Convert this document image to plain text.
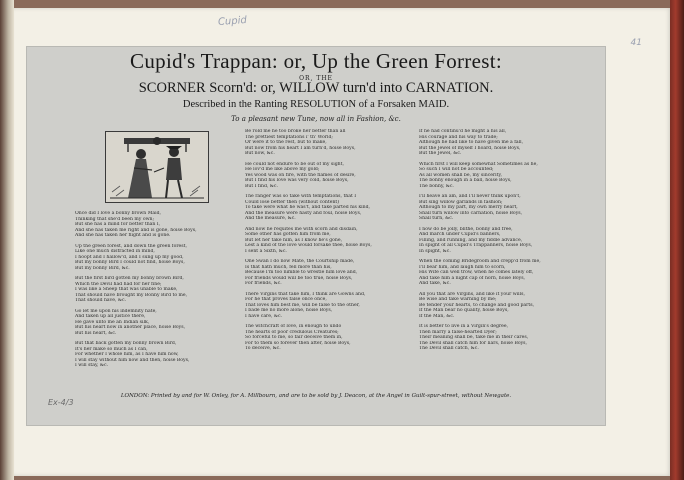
Cupid
41
Cupid's Trappan: or, Up the Green Forrest:
OR, THE
SCORNER Scorn'd: or, WILLOW turn'd into CARNATION.
Described in the Ranting RESOLUTION of a Forsaken MAID.
To a pleasant new Tune, now all in Fashion, &c.
Once did I love a bonny brown Maid,
Thinking that she'd been my own;
But she has a mind for better than I,
And she has taken me right and is gone, hoise Boys,
And she has taken her flight and is gone.
Up the green forest, and down the green forest,
Like one much distracted in mind,
I hoopt and I hallow'd, and I sung up my good,
But my bonny Bird I could not find, hoise Boys,
But my bonny Bird, &c.
But the first bird gotten my bonny brown Bird,
Which the Devil had had for her fine;
I was like a Sheep that was unable to make,
That should have brought my Bonny Bird to me,
That should have, &c.
Go let me upon his indemnity hate,
And taken up all justice there,
He gave unto me an Indian silk,
But his heart now in another place, hoise Boys,
But his heart, &c.
But that back gotten my bonny brown Bird,
It's her make so much as I can,
For whether I whole him, as I have him now,
I will stay without him now and then, hoise Boys,
I will stay, &c.
Be rold me he too broke her better than all
The prettiest temptations i' th' World;
Or were it to the rest, but to make,
But now from his heart I am turn'd, hoise Boys,
But now, &c.
He could not endure to be out of my sight,
He lov'd me like above my gold;
Yes wood was on fire, with the flames of desire,
But I find his love was very cold, hoise Boys,
But I find, &c.
The ranger was so take with temptations, that I
Could lose better then (without content)
To take were what he was't, and take parted his kind,
And the measure were hasty and foul, hoise Boys,
And the measure, &c.
And now he requites me with scorn and disdain,
Some other has gotten him from me,
But let her take him, as I know he's gone,
Lest a kind of the love would forsake thee, hoise Boys,
I sent a Sixth, &c.
One Swan I do now Mate, the Courtship made,
Is that hath much, fell more than his,
Because I'm too nimble to wrestle him love and,
For friends would will be too true, hoise Boys,
For friends, &c.
There Virgins that take him, I think are Gowns and,
For he that proves false once once,
That loves him best me, will be false to the other,
I bade me no more alone, hoise Boys,
I have care, &c.
The witchcraft of love, in enough to undo
The hearts of poor credulous Creatures;
So forceful to me, so fair deceive them in,
For to them so forever then after, hoise Boys,
To deceive, &c.
If he had continu'd he might a his all,
His courage and his way to trade;
Although he had like to have given me a fall,
But the Jewel of myself I hoard, hoise Boys,
But the Jewel, &c.
Which first I will keep somewhat Sometimes as he,
So such I will not be accounted;
As all women shall be, my sincerity,
The bonny enough in a ball, hoise Boys,
The bonny, &c.
I'll heave an am, and I'll never think upon't,
But sing willow garlands in fashion;
Although to my part, my own merry heart,
Shall turn willow into carnation, hoise Boys,
Shall turn, &c.
I now do be jolly, blithe, bonny and free,
And march under Cupid's banners,
Filling, and running, and my fiddle advance,
In spight of all Cupid's Trappanners, hoise Boys,
In spight, &c.
When the coming Bridegroom and crepp'd from me,
I'll bear him, and laugh him to scorn,
His Wife can well trow, when he comes lately off,
And take him a night cap of horn, hoise Boys,
And take, &c.
All you that are Virgins, and like it your wills,
Be wise and take warning by me;
Be tender your hearts, to change and good parts,
If the Man bear no quality, hoise Boys,
If the Man, &c.
It is better to live in a Virgin's degree,
Then marry a false-hearted Dyer;
Their meaning shall be, take me in their cares,
The Devil shall catch him for liars, hoise Boys,
The Devil shall catch, &c.
LONDON: Printed by and for W. Onley, for A. Millbourn, and are to be sold by J. Deacon, at the Angel in Guilt-spur-street, without Newgate.
Ex-4/3
